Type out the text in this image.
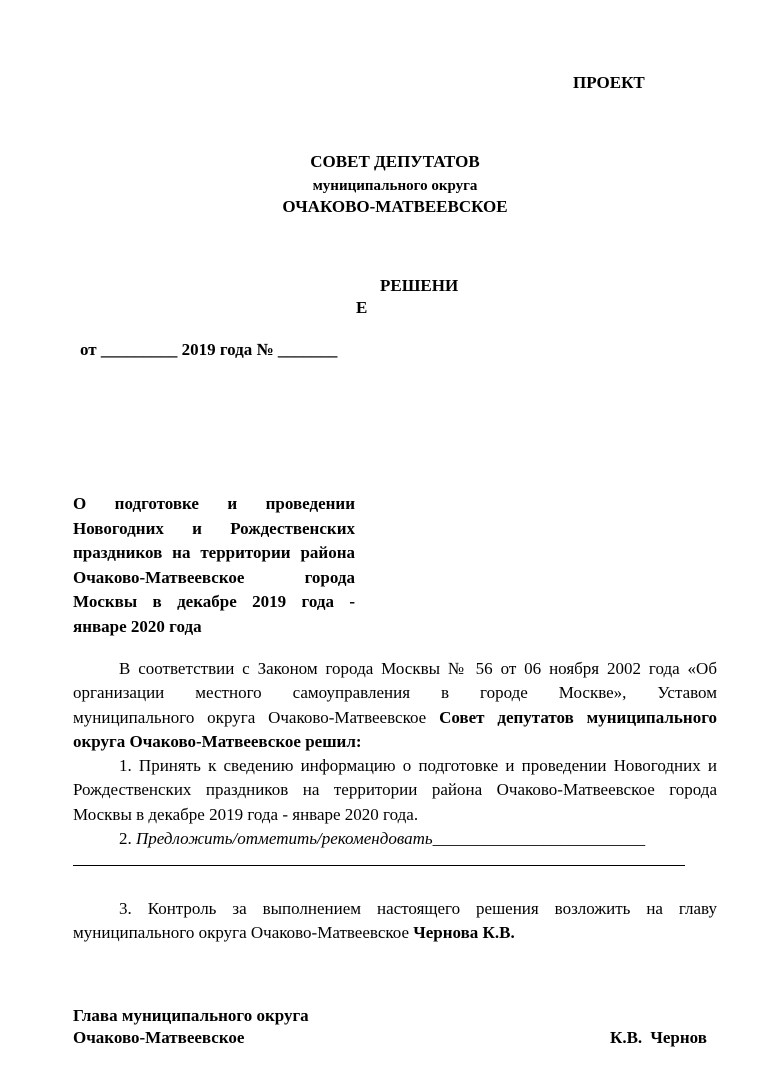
ПРОЕКТ
СОВЕТ ДЕПУТАТОВ
муниципального округа
ОЧАКОВО-МАТВЕЕВСКОЕ
РЕШЕНИ
Е
от _________ 2019 года № _______
О подготовке и проведении
Новогодних и Рождественских
праздников на территории района
Очаково-Матвеевское города
Москвы в декабре 2019 года -
январе 2020 года
В соответствии с Законом города Москвы № 56 от 06 ноября 2002 года «Об
организации местного самоуправления в городе Москве», Уставом
муниципального округа Очаково-Матвеевское Совет депутатов муниципального
округа Очаково-Матвеевское решил:
1. Принять к сведению информацию о подготовке и проведении Новогодних и
Рождественских праздников на территории района Очаково-Матвеевское города
Москвы в декабре 2019 года - январе 2020 года.
2. Предложить/отметить/рекомендовать_________________________
3. Контроль за выполнением настоящего решения возложить на главу
муниципального округа Очаково-Матвеевское Чернова К.В.
Глава муниципального округа
Очаково-Матвеевское	К.В. Чернов
